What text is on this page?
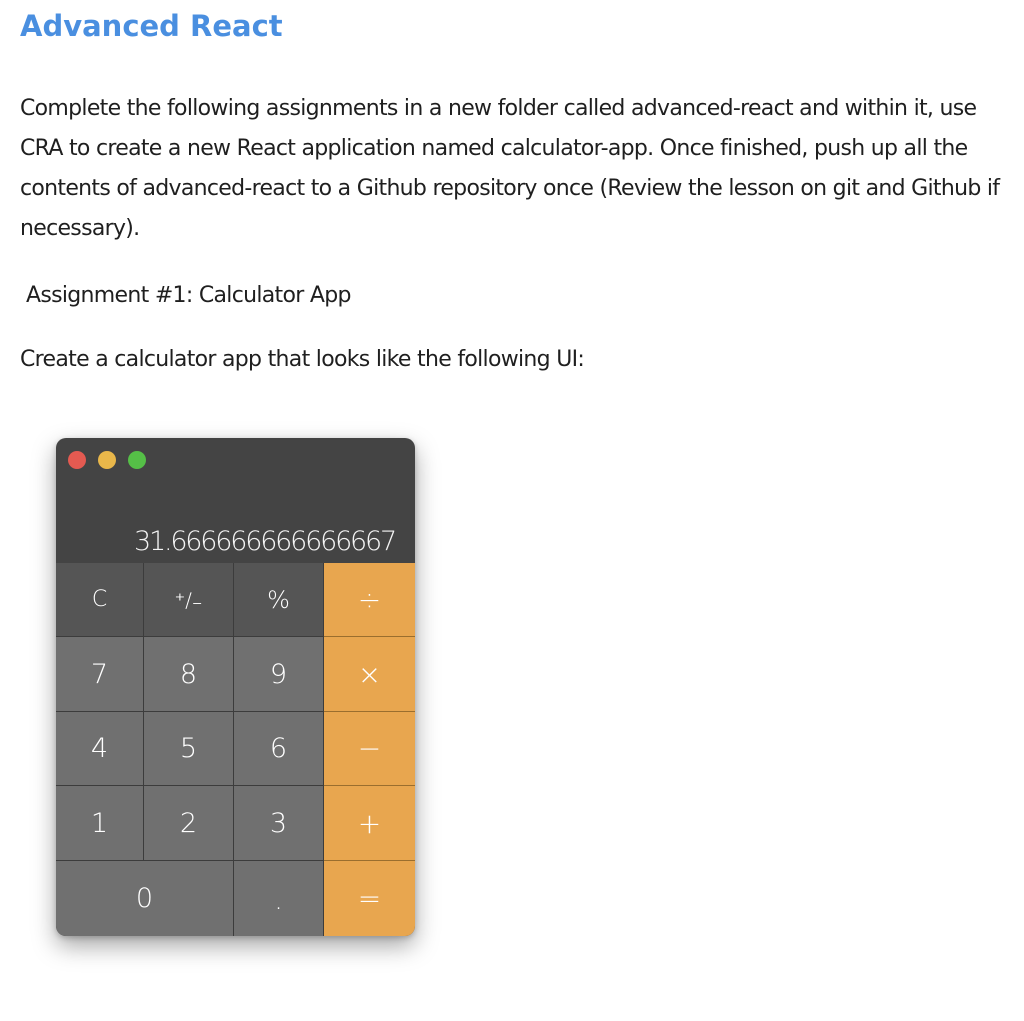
Advanced React

Complete the following assignments in a new folder called advanced-react and within it, use CRA to create a new React application named calculator-app. Once finished, push up all the contents of advanced-react to a Github repository once (Review the lesson on git and Github if necessary).

Assignment #1: Calculator App

Create a calculator app that looks like the following UI:

31.666666666666667
C	⁺∕₋	%	÷
7	8	9	×
4	5	6	−
1	2	3	+
0	.	=
